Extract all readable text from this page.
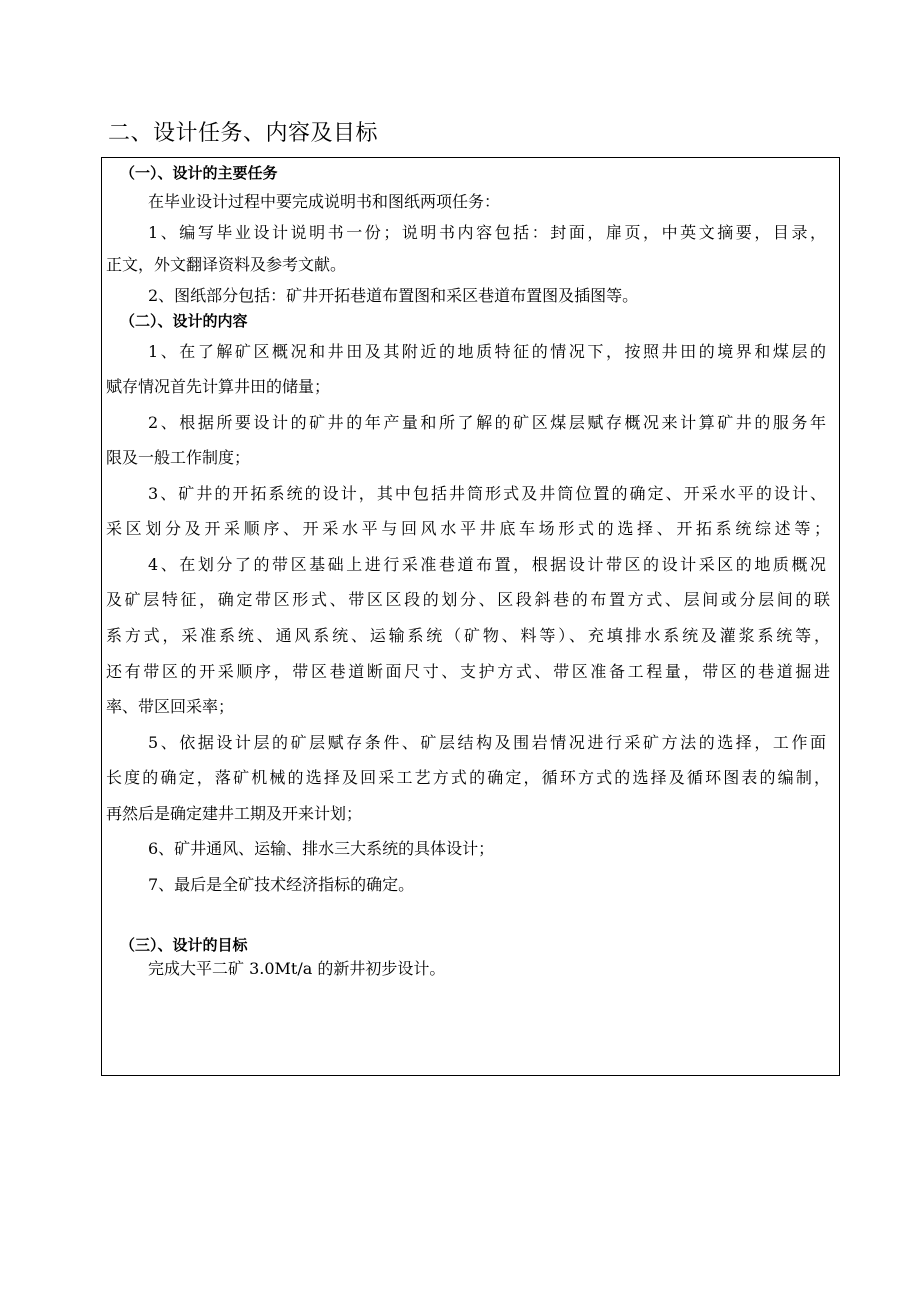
二、设计任务、内容及目标
（一）、设计的主要任务
在毕业设计过程中要完成说明书和图纸两项任务：
1、编写毕业设计说明书一份；说明书内容包括：封面，扉页，中英文摘要，目录，
正文，外文翻译资料及参考文献。
2、图纸部分包括：矿井开拓巷道布置图和采区巷道布置图及插图等。
（二）、设计的内容
1、在了解矿区概况和井田及其附近的地质特征的情况下，按照井田的境界和煤层的
赋存情况首先计算井田的储量；
2、根据所要设计的矿井的年产量和所了解的矿区煤层赋存概况来计算矿井的服务年
限及一般工作制度；
3、矿井的开拓系统的设计，其中包括井筒形式及井筒位置的确定、开采水平的设计、
采区划分及开采顺序、开采水平与回风水平井底车场形式的选择、开拓系统综述等；
4、在划分了的带区基础上进行采准巷道布置，根据设计带区的设计采区的地质概况
及矿层特征，确定带区形式、带区区段的划分、区段斜巷的布置方式、层间或分层间的联
系方式，采准系统、通风系统、运输系统（矿物、料等）、充填排水系统及灌浆系统等，
还有带区的开采顺序，带区巷道断面尺寸、支护方式、带区准备工程量，带区的巷道掘进
率、带区回采率；
5、依据设计层的矿层赋存条件、矿层结构及围岩情况进行采矿方法的选择，工作面
长度的确定，落矿机械的选择及回采工艺方式的确定，循环方式的选择及循环图表的编制，
再然后是确定建井工期及开来计划；
6、矿井通风、运输、排水三大系统的具体设计；
7、最后是全矿技术经济指标的确定。
（三）、设计的目标
完成大平二矿 3.0Mt/a 的新井初步设计。
